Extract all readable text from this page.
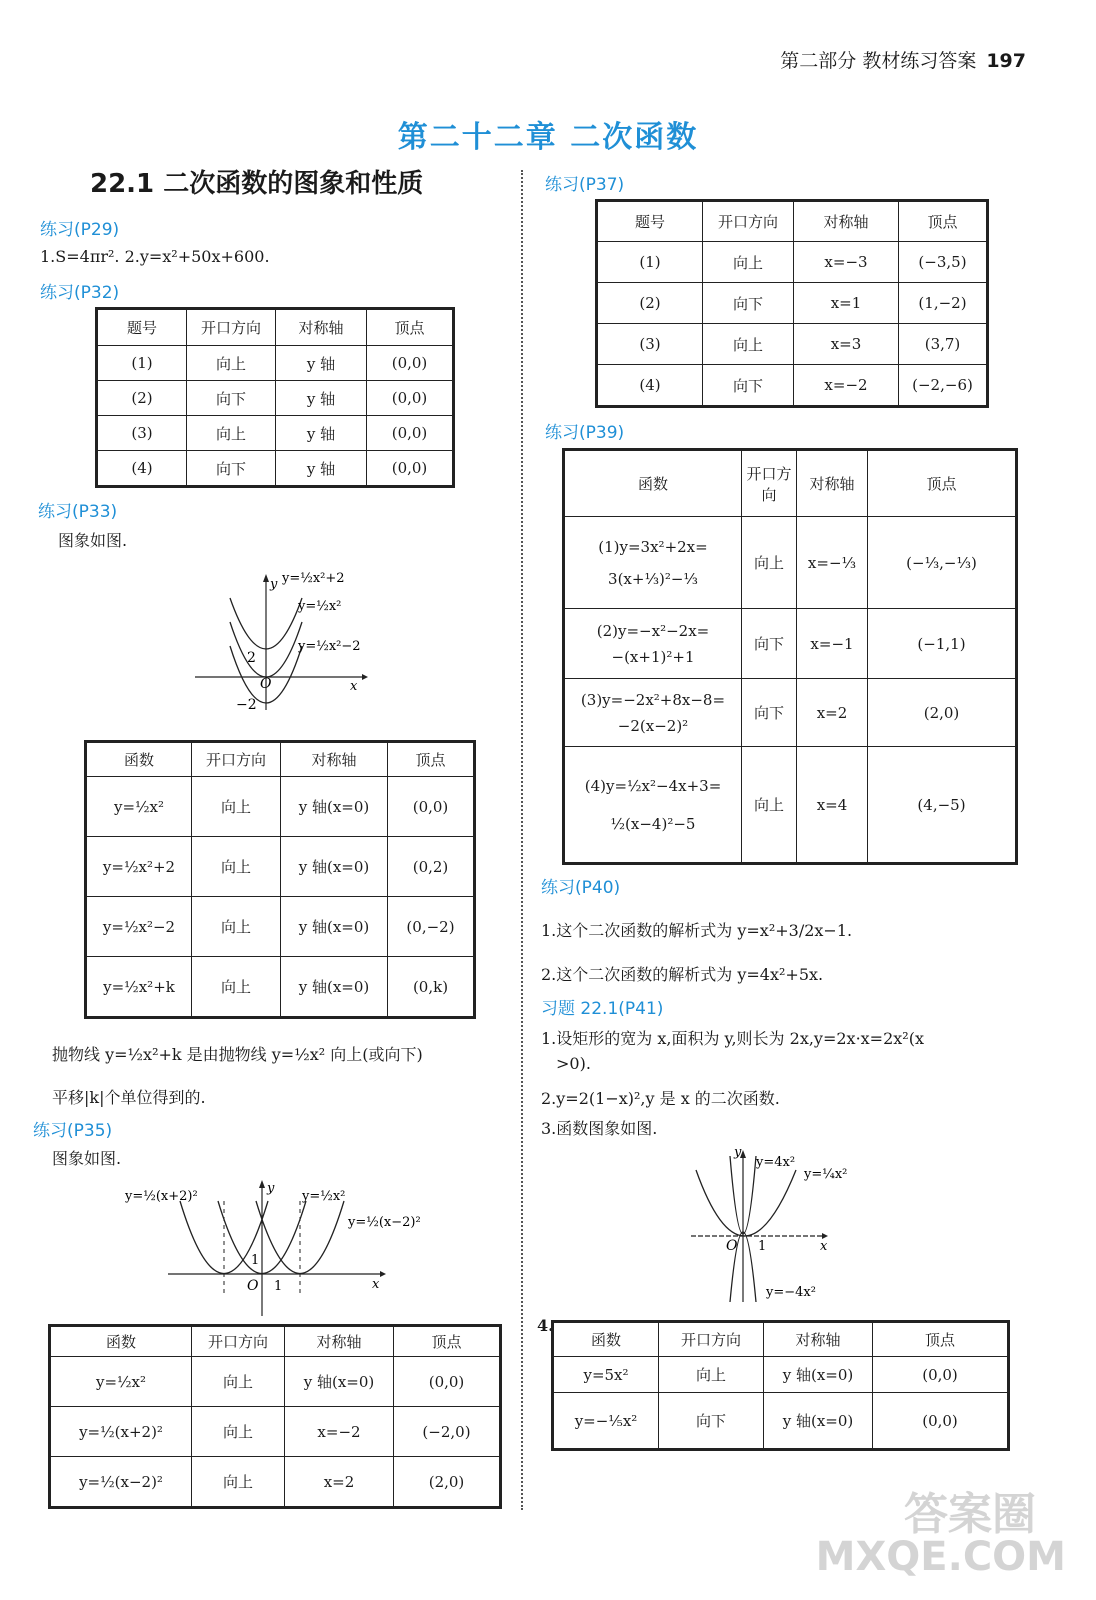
第二部分 教材练习答案 197
第二十二章 二次函数
22.1 二次函数的图象和性质
练习(P29)
1.S=4πr². 2.y=x²+50x+600.
练习(P32)
题号	开口方向	对称轴	顶点
(1)	向上	y 轴	(0,0)
(2)	向下	y 轴	(0,0)
(3)	向上	y 轴	(0,0)
(4)	向下	y 轴	(0,0)
练习(P33)
图象如图.
y
x
O
2
−2
y=½x²+2
y=½x²
y=½x²−2
函数	开口方向	对称轴	顶点
y=½x²	向上	y 轴(x=0)	(0,0)
y=½x²+2	向上	y 轴(x=0)	(0,2)
y=½x²−2	向上	y 轴(x=0)	(0,−2)
y=½x²+k	向上	y 轴(x=0)	(0,k)
抛物线 y=½x²+k 是由抛物线 y=½x² 向上(或向下)
平移|k|个单位得到的.
练习(P35)
图象如图.
y
x
O 1
1
y=½(x+2)²	y=½x²
y=½(x−2)²
函数	开口方向	对称轴	顶点
y=½x²	向上	y 轴(x=0)	(0,0)
y=½(x+2)²	向上	x=−2	(−2,0)
y=½(x−2)²	向上	x=2	(2,0)
练习(P37)
题号	开口方向	对称轴	顶点
(1)	向上	x=−3	(−3,5)
(2)	向下	x=1	(1,−2)
(3)	向上	x=3	(3,7)
(4)	向下	x=−2	(−2,−6)
练习(P39)
函数	开口方向	对称轴	顶点

(1)y=3x²+2x=
3(x+⅓)²−⅓	向上	x=−⅓	(−⅓,−⅓)

(2)y=−x²−2x=
−(x+1)²+1	向下	x=−1	(−1,1)

(3)y=−2x²+8x−8=
−2(x−2)²	向下	x=2	(2,0)

(4)y=½x²−4x+3=
½(x−4)²−5	向上	x=4	(4,−5)
练习(P40)
1.这个二次函数的解析式为 y=x²+3/2x−1.
2.这个二次函数的解析式为 y=4x²+5x.
习题 22.1(P41)
1.设矩形的宽为 x,面积为 y,则长为 2x,y=2x·x=2x²(x
>0).
2.y=2(1−x)²,y 是 x 的二次函数.
3.函数图象如图.
y
x
O 1
y=4x²
y=¼x²
y=−4x²
4.
函数	开口方向	对称轴	顶点
y=5x²	向上	y 轴(x=0)	(0,0)
y=−⅕x²	向下	y 轴(x=0)	(0,0)
答案圈
MXQE.COM
